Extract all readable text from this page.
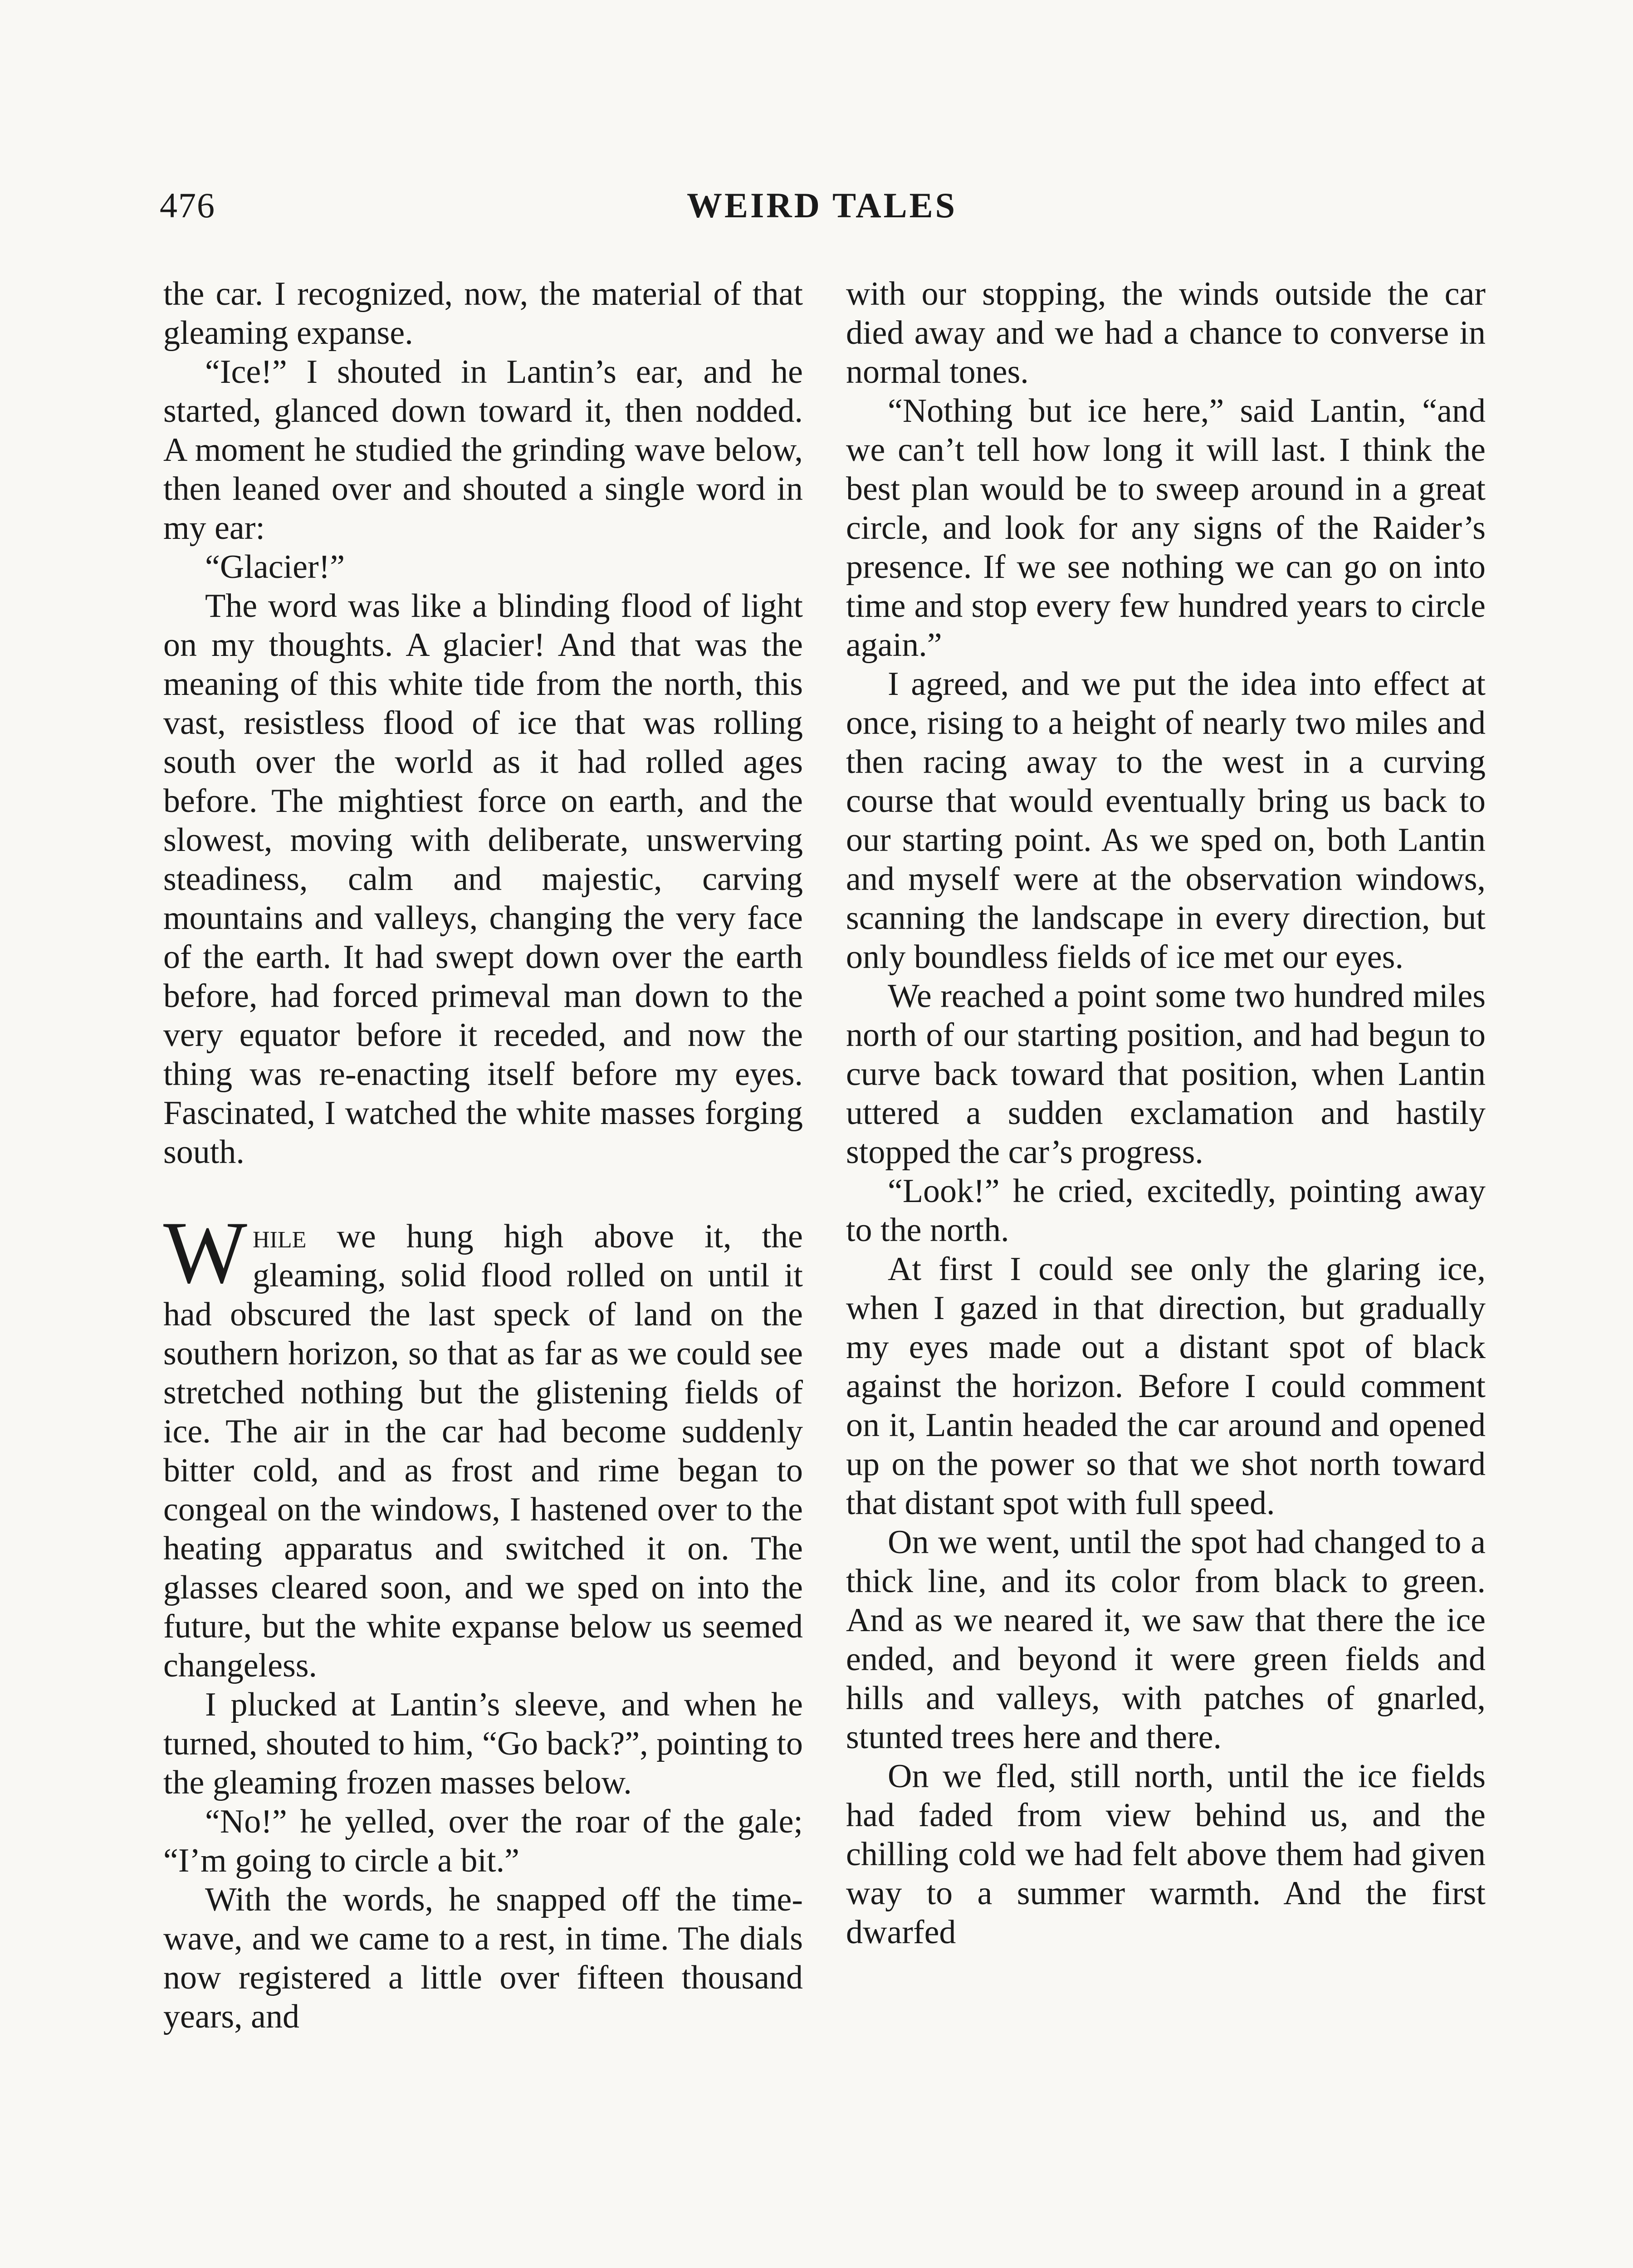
476	WEIRD TALES

the car. I recognized, now, the material of that gleaming expanse.

“Ice!” I shouted in Lantin’s ear, and he started, glanced down toward it, then nodded. A moment he studied the grinding wave below, then leaned over and shouted a single word in my ear:

“Glacier!”

The word was like a blinding flood of light on my thoughts. A glacier! And that was the meaning of this white tide from the north, this vast, resistless flood of ice that was rolling south over the world as it had rolled ages before. The mightiest force on earth, and the slowest, moving with deliberate, unswerving steadiness, calm and majestic, carving mountains and valleys, changing the very face of the earth. It had swept down over the earth before, had forced primeval man down to the very equator before it receded, and now the thing was re-enacting itself before my eyes. Fascinated, I watched the white masses forging south.

While we hung high above it, the gleaming, solid flood rolled on until it had obscured the last speck of land on the southern horizon, so that as far as we could see stretched nothing but the glistening fields of ice. The air in the car had become suddenly bitter cold, and as frost and rime began to congeal on the windows, I hastened over to the heating apparatus and switched it on. The glasses cleared soon, and we sped on into the future, but the white expanse below us seemed changeless.

I plucked at Lantin’s sleeve, and when he turned, shouted to him, “Go back?”, pointing to the gleaming frozen masses below.

“No!” he yelled, over the roar of the gale; “I’m going to circle a bit.”

With the words, he snapped off the time-wave, and we came to a rest, in time. The dials now registered a little over fifteen thousand years, and

with our stopping, the winds outside the car died away and we had a chance to converse in normal tones.

“Nothing but ice here,” said Lantin, “and we can’t tell how long it will last. I think the best plan would be to sweep around in a great circle, and look for any signs of the Raider’s presence. If we see nothing we can go on into time and stop every few hundred years to circle again.”

I agreed, and we put the idea into effect at once, rising to a height of nearly two miles and then racing away to the west in a curving course that would eventually bring us back to our starting point. As we sped on, both Lantin and myself were at the observation windows, scanning the landscape in every direction, but only boundless fields of ice met our eyes.

We reached a point some two hundred miles north of our starting position, and had begun to curve back toward that position, when Lantin uttered a sudden exclamation and hastily stopped the car’s progress.

“Look!” he cried, excitedly, pointing away to the north.

At first I could see only the glaring ice, when I gazed in that direction, but gradually my eyes made out a distant spot of black against the horizon. Before I could comment on it, Lantin headed the car around and opened up on the power so that we shot north toward that distant spot with full speed.

On we went, until the spot had changed to a thick line, and its color from black to green. And as we neared it, we saw that there the ice ended, and beyond it were green fields and hills and valleys, with patches of gnarled, stunted trees here and there.

On we fled, still north, until the ice fields had faded from view behind us, and the chilling cold we had felt above them had given way to a summer warmth. And the first dwarfed
